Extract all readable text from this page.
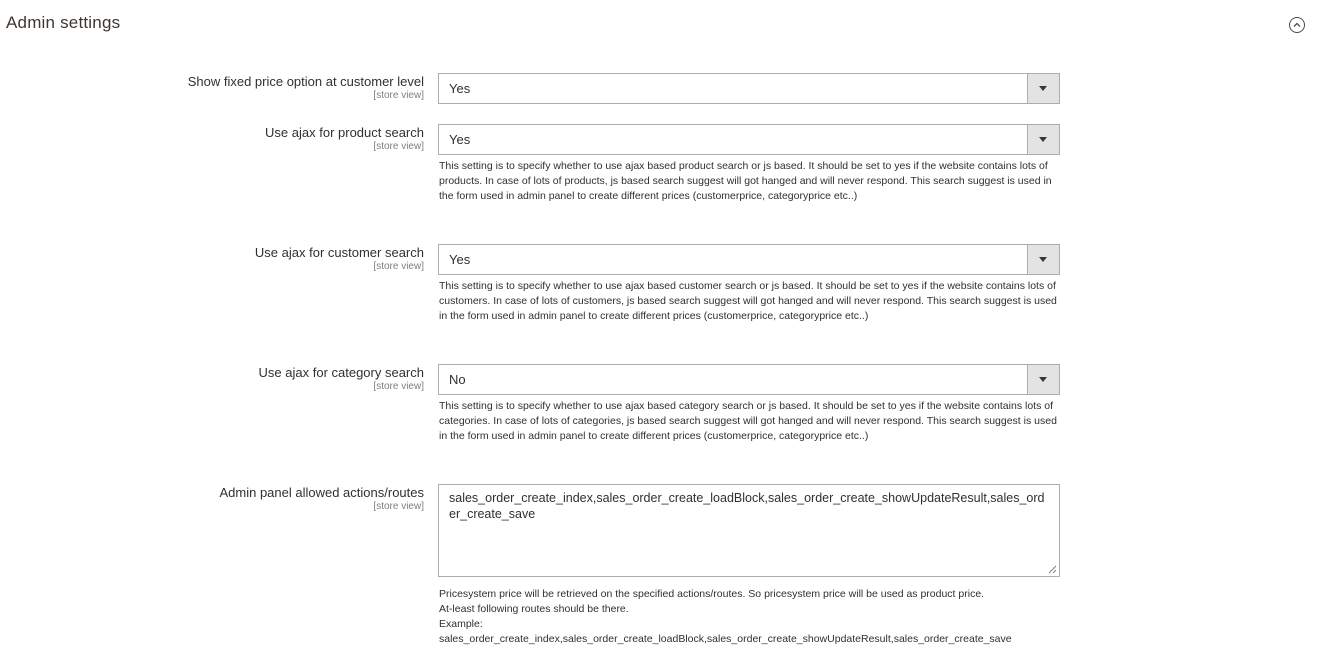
Admin settings
Show fixed price option at customer level
[store view] Yes
Use ajax for product search
[store view] Yes
This setting is to specify whether to use ajax based product search or js based. It should be set to yes if the website contains lots of products. In case of lots of products, js based search suggest will got hanged and will never respond. This search suggest is used in the form used in admin panel to create different prices (customerprice, categoryprice etc..)
Use ajax for customer search
[store view] Yes
This setting is to specify whether to use ajax based customer search or js based. It should be set to yes if the website contains lots of customers. In case of lots of customers, js based search suggest will got hanged and will never respond. This search suggest is used in the form used in admin panel to create different prices (customerprice, categoryprice etc..)
Use ajax for category search
[store view] No
This setting is to specify whether to use ajax based category search or js based. It should be set to yes if the website contains lots of categories. In case of lots of categories, js based search suggest will got hanged and will never respond. This search suggest is used in the form used in admin panel to create different prices (customerprice, categoryprice etc..)
Admin panel allowed actions/routes
[store view]
sales_order_create_index,sales_order_create_loadBlock,sales_order_create_showUpdateResult,sales_order_create_save
Pricesystem price will be retrieved on the specified actions/routes. So pricesystem price will be used as product price.
At-least following routes should be there.
Example:
sales_order_create_index,sales_order_create_loadBlock,sales_order_create_showUpdateResult,sales_order_create_save
